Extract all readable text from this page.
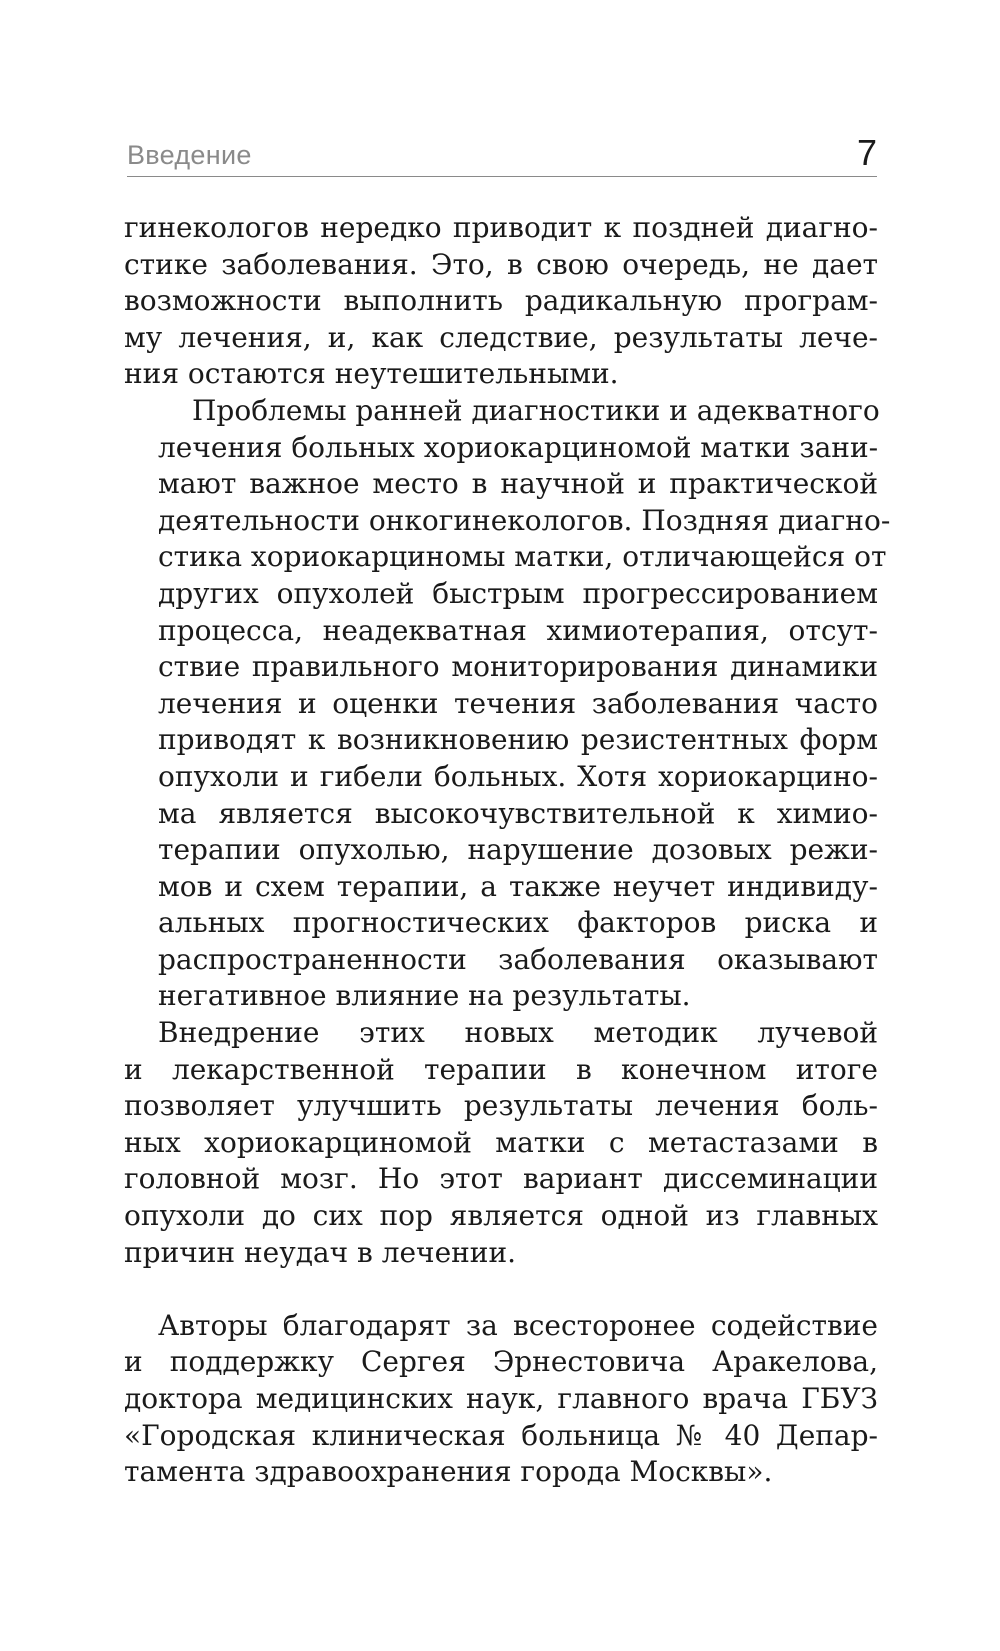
Введение	7

гинекологов нередко приводит к поздней диагно-
стике заболевания. Это, в свою очередь, не дает
возможности выполнить радикальную програм-
му лечения, и, как следствие, результаты лече-
ния остаются неутешительными.

Проблемы ранней диагностики и адекватного
лечения больных хориокарциномой матки зани-
мают важное место в научной и практической
деятельности онкогинекологов. Поздняя диагно-
стика хориокарциномы матки, отличающейся от
других опухолей быстрым прогрессированием
процесса, неадекватная химиотерапия, отсут-
ствие правильного мониторирования динамики
лечения и оценки течения заболевания часто
приводят к возникновению резистентных форм
опухоли и гибели больных. Хотя хориокарцино-
ма является высокочувствительной к химио-
терапии опухолью, нарушение дозовых режи-
мов и схем терапии, а также неучет индивиду-
альных прогностических факторов риска и
распространенности заболевания оказывают
негативное влияние на результаты.

Внедрение этих новых методик лучевой
и лекарственной терапии в конечном итоге
позволяет улучшить результаты лечения боль-
ных хориокарциномой матки с метастазами в
головной мозг. Но этот вариант диссеминации
опухоли до сих пор является одной из главных
причин неудач в лечении.

Авторы благодарят за всесторонее содействие
и поддержку Сергея Эрнестовича Аракелова,
доктора медицинских наук, главного врача ГБУЗ
«Городская клиническая больница № 40 Депар-
тамента здравоохранения города Москвы».
